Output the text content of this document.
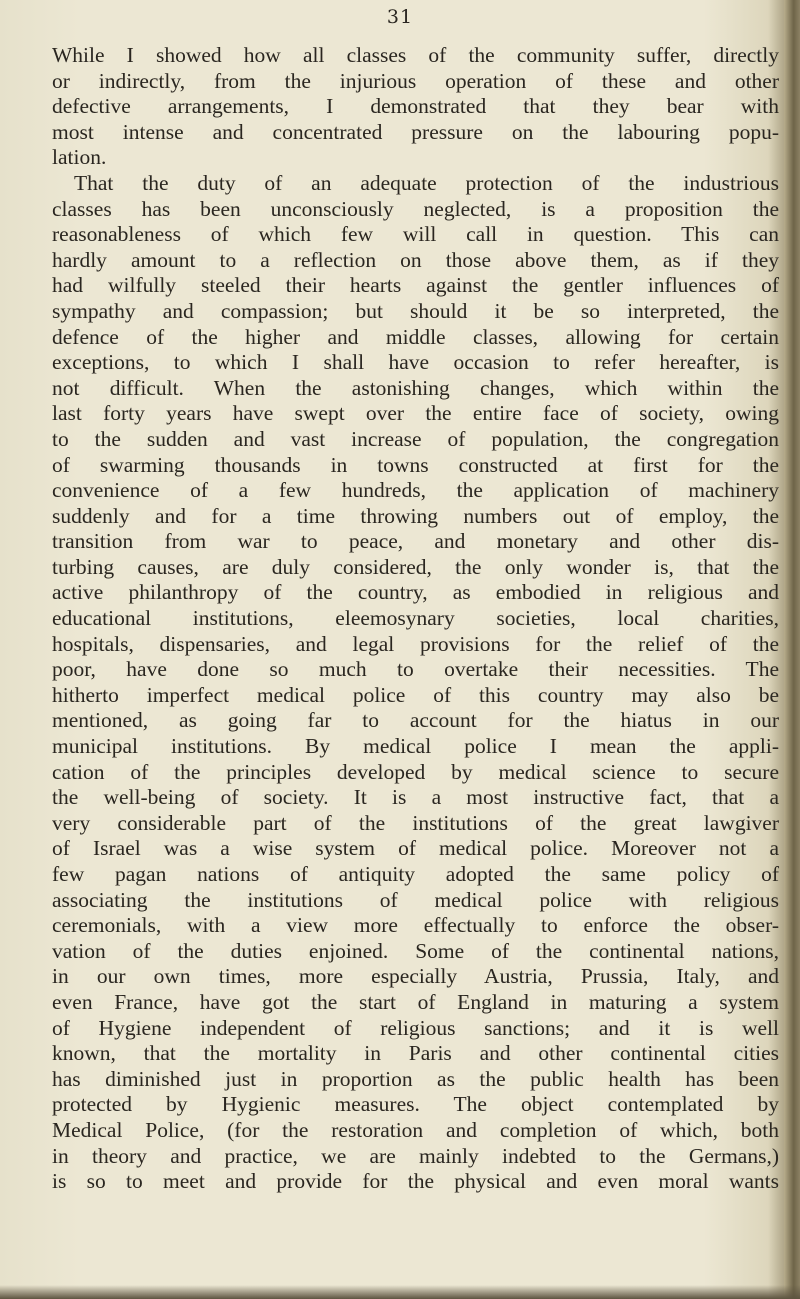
31

While I showed how all classes of the community suffer, directly

or indirectly, from the injurious operation of these and other

defective arrangements, I demonstrated that they bear with

most intense and concentrated pressure on the labouring popu-

lation.

That the duty of an adequate protection of the industrious

classes has been unconsciously neglected, is a proposition the

reasonableness of which few will call in question. This can

hardly amount to a reflection on those above them, as if they

had wilfully steeled their hearts against the gentler influences of

sympathy and compassion; but should it be so interpreted, the

defence of the higher and middle classes, allowing for certain

exceptions, to which I shall have occasion to refer hereafter, is

not difficult. When the astonishing changes, which within the

last forty years have swept over the entire face of society, owing

to the sudden and vast increase of population, the congregation

of swarming thousands in towns constructed at first for the

convenience of a few hundreds, the application of machinery

suddenly and for a time throwing numbers out of employ, the

transition from war to peace, and monetary and other dis-

turbing causes, are duly considered, the only wonder is, that the

active philanthropy of the country, as embodied in religious and

educational institutions, eleemosynary societies, local charities,

hospitals, dispensaries, and legal provisions for the relief of the

poor, have done so much to overtake their necessities. The

hitherto imperfect medical police of this country may also be

mentioned, as going far to account for the hiatus in our

municipal institutions. By medical police I mean the appli-

cation of the principles developed by medical science to secure

the well-being of society. It is a most instructive fact, that a

very considerable part of the institutions of the great lawgiver

of Israel was a wise system of medical police. Moreover not a

few pagan nations of antiquity adopted the same policy of

associating the institutions of medical police with religious

ceremonials, with a view more effectually to enforce the obser-

vation of the duties enjoined. Some of the continental nations,

in our own times, more especially Austria, Prussia, Italy, and

even France, have got the start of England in maturing a system

of Hygiene independent of religious sanctions; and it is well

known, that the mortality in Paris and other continental cities

has diminished just in proportion as the public health has been

protected by Hygienic measures. The object contemplated by

Medical Police, (for the restoration and completion of which, both

in theory and practice, we are mainly indebted to the Germans,)

is so to meet and provide for the physical and even moral wants
